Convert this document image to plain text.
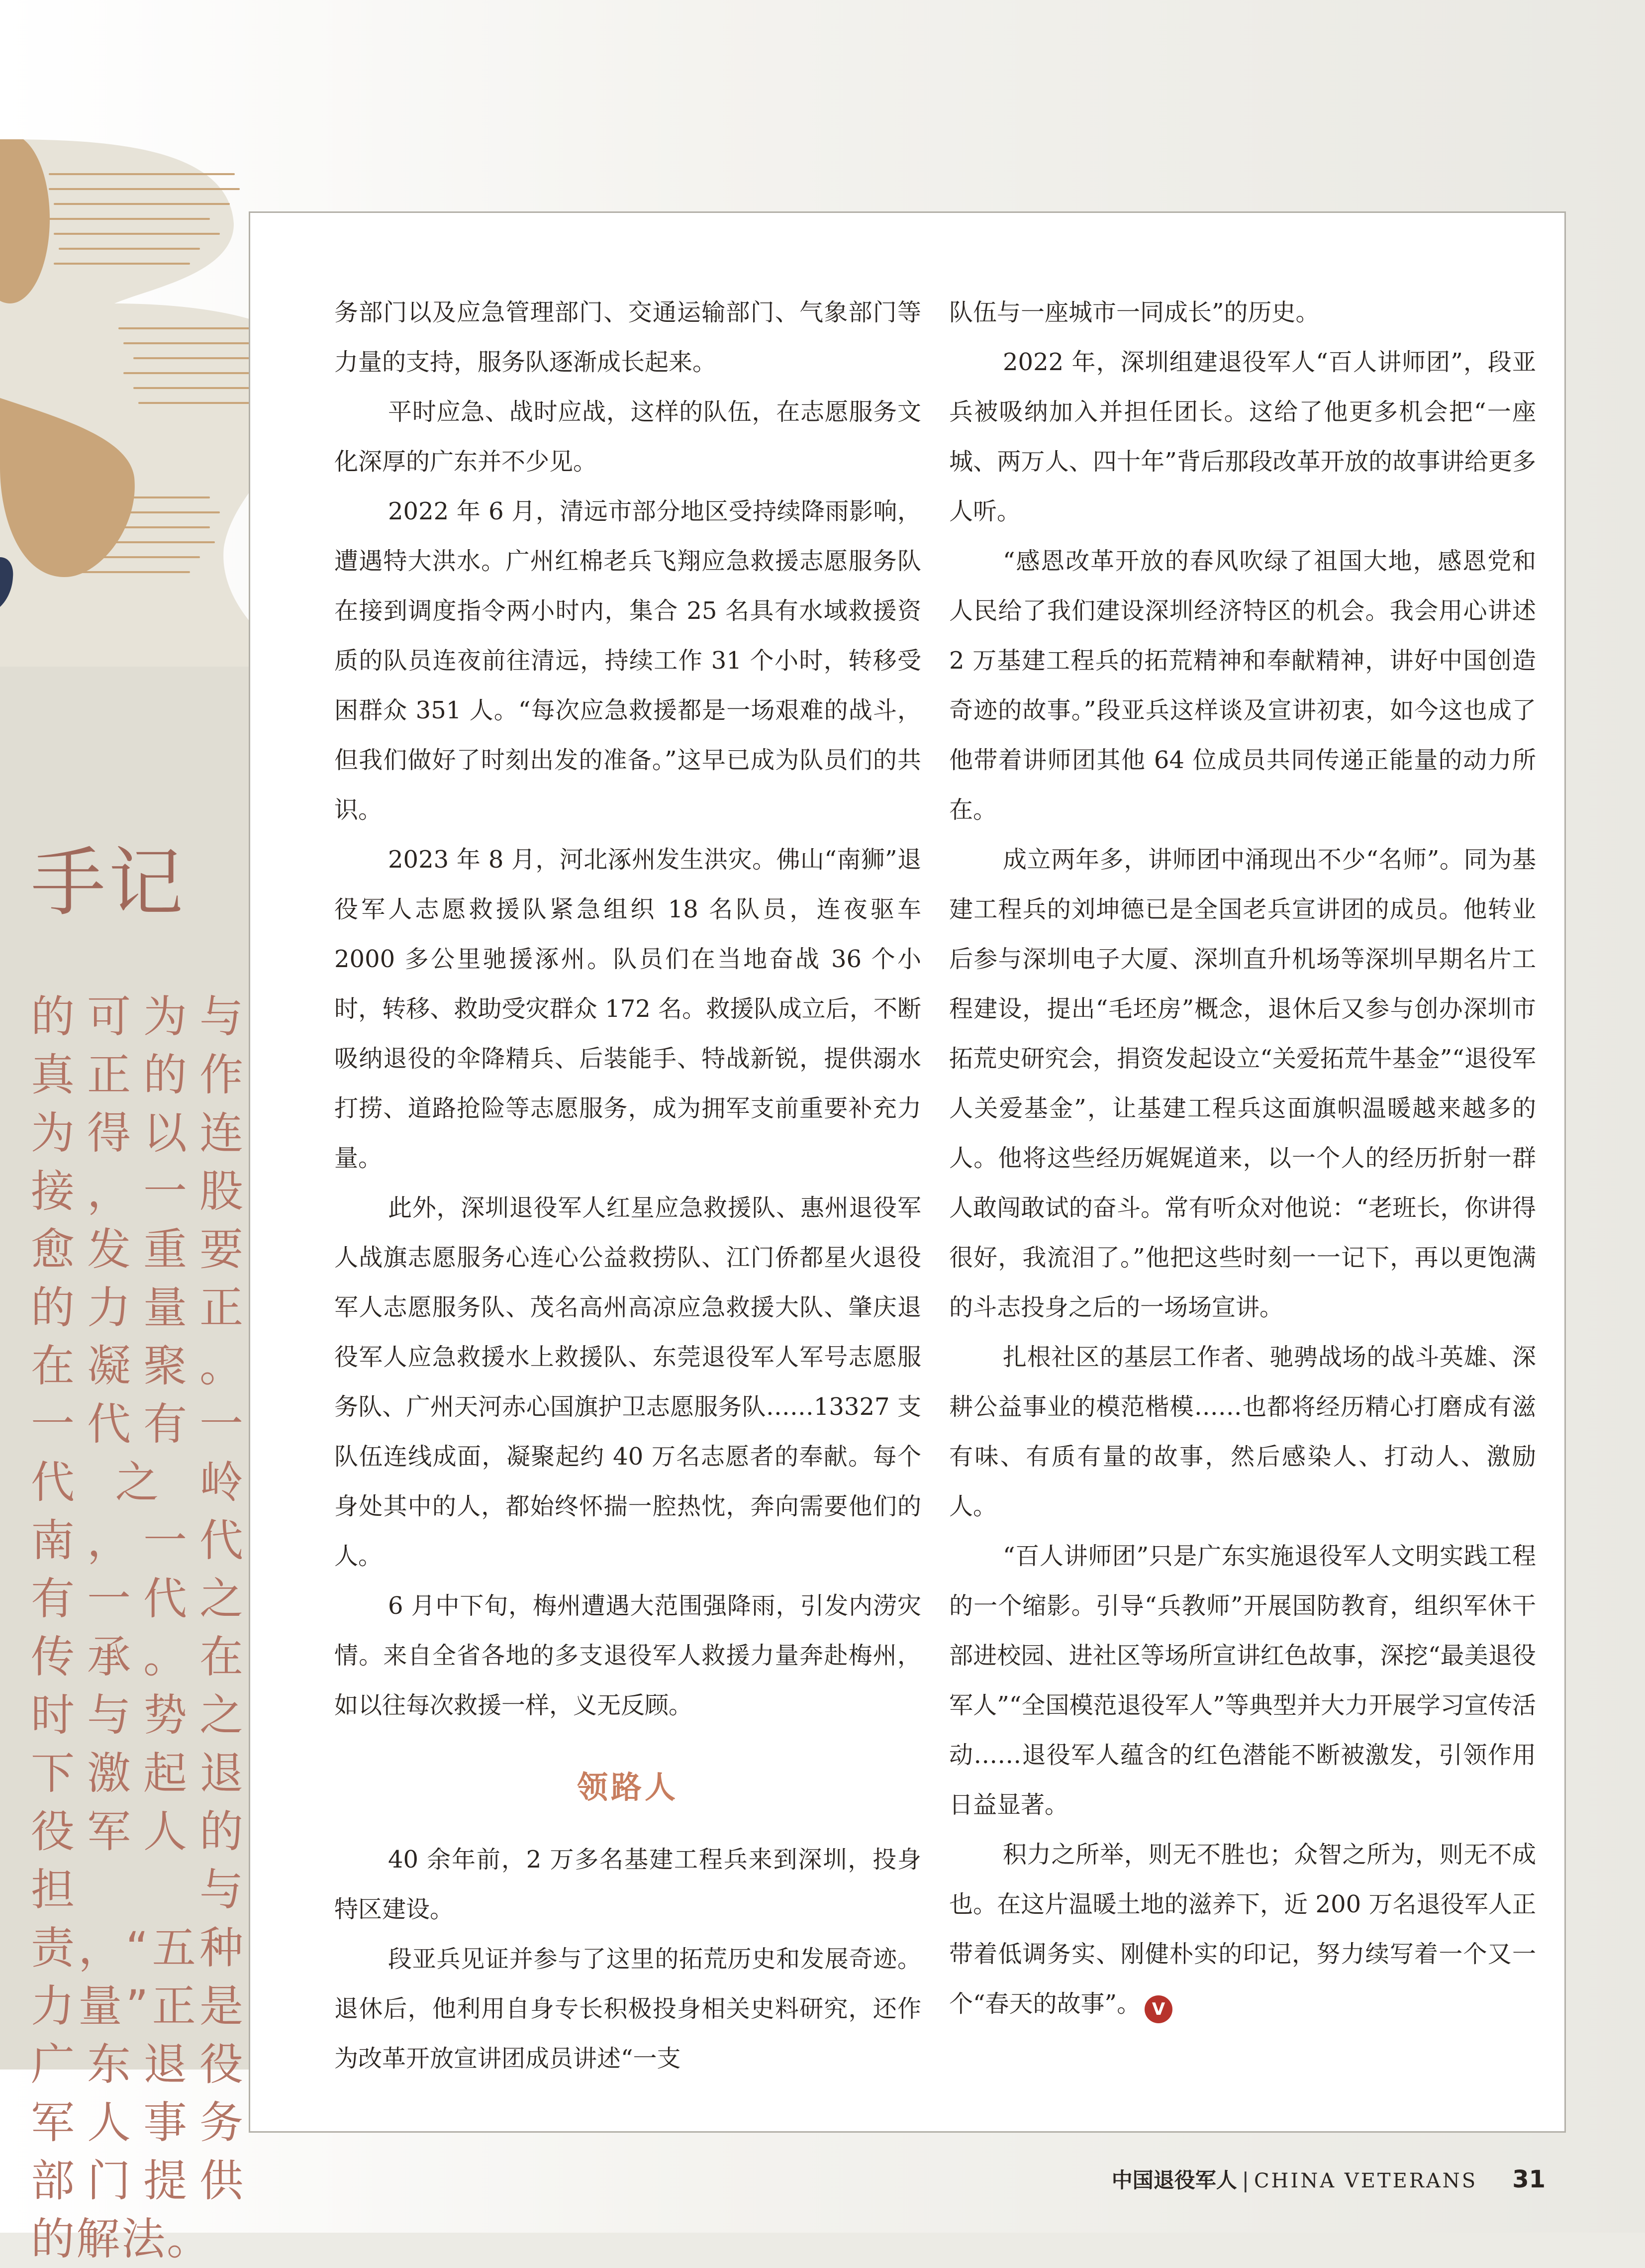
手记
的可为与真正的作为得以连接，一股愈发重要的力量正在凝聚。一代有一代之岭南，一代有一代之传承。在时与势之下激起退役军人的担与责，“五种力量”正是广东退役军人事务部门提供的解法。

务部门以及应急管理部门、交通运输部门、气象部门等力量的支持，服务队逐渐成长起来。

平时应急、战时应战，这样的队伍，在志愿服务文化深厚的广东并不少见。

2022 年 6 月，清远市部分地区受持续降雨影响，遭遇特大洪水。广州红棉老兵飞翔应急救援志愿服务队在接到调度指令两小时内，集合 25 名具有水域救援资质的队员连夜前往清远，持续工作 31 个小时，转移受困群众 351 人。“每次应急救援都是一场艰难的战斗，但我们做好了时刻出发的准备。”这早已成为队员们的共识。

2023 年 8 月，河北涿州发生洪灾。佛山“南狮”退役军人志愿救援队紧急组织 18 名队员，连夜驱车 2000 多公里驰援涿州。队员们在当地奋战 36 个小时，转移、救助受灾群众 172 名。救援队成立后，不断吸纳退役的伞降精兵、后装能手、特战新锐，提供溺水打捞、道路抢险等志愿服务，成为拥军支前重要补充力量。

此外，深圳退役军人红星应急救援队、惠州退役军人战旗志愿服务心连心公益救捞队、江门侨都星火退役军人志愿服务队、茂名高州高凉应急救援大队、肇庆退役军人应急救援水上救援队、东莞退役军人军号志愿服务队、广州天河赤心国旗护卫志愿服务队……13327 支队伍连线成面，凝聚起约 40 万名志愿者的奉献。每个身处其中的人，都始终怀揣一腔热忱，奔向需要他们的人。

6 月中下旬，梅州遭遇大范围强降雨，引发内涝灾情。来自全省各地的多支退役军人救援力量奔赴梅州，如以往每次救援一样，义无反顾。

领路人

40 余年前，2 万多名基建工程兵来到深圳，投身特区建设。

段亚兵见证并参与了这里的拓荒历史和发展奇迹。退休后，他利用自身专长积极投身相关史料研究，还作为改革开放宣讲团成员讲述“一支

队伍与一座城市一同成长”的历史。

2022 年，深圳组建退役军人“百人讲师团”，段亚兵被吸纳加入并担任团长。这给了他更多机会把“一座城、两万人、四十年”背后那段改革开放的故事讲给更多人听。

“感恩改革开放的春风吹绿了祖国大地，感恩党和人民给了我们建设深圳经济特区的机会。我会用心讲述 2 万基建工程兵的拓荒精神和奉献精神，讲好中国创造奇迹的故事。”段亚兵这样谈及宣讲初衷，如今这也成了他带着讲师团其他 64 位成员共同传递正能量的动力所在。

成立两年多，讲师团中涌现出不少“名师”。同为基建工程兵的刘坤德已是全国老兵宣讲团的成员。他转业后参与深圳电子大厦、深圳直升机场等深圳早期名片工程建设，提出“毛坯房”概念，退休后又参与创办深圳市拓荒史研究会，捐资发起设立“关爱拓荒牛基金”“退役军人关爱基金”，让基建工程兵这面旗帜温暖越来越多的人。他将这些经历娓娓道来，以一个人的经历折射一群人敢闯敢试的奋斗。常有听众对他说：“老班长，你讲得很好，我流泪了。”他把这些时刻一一记下，再以更饱满的斗志投身之后的一场场宣讲。

扎根社区的基层工作者、驰骋战场的战斗英雄、深耕公益事业的模范楷模……也都将经历精心打磨成有滋有味、有质有量的故事，然后感染人、打动人、激励人。

“百人讲师团”只是广东实施退役军人文明实践工程的一个缩影。引导“兵教师”开展国防教育，组织军休干部进校园、进社区等场所宣讲红色故事，深挖“最美退役军人”“全国模范退役军人”等典型并大力开展学习宣传活动……退役军人蕴含的红色潜能不断被激发，引领作用日益显著。

积力之所举，则无不胜也；众智之所为，则无不成也。在这片温暖土地的滋养下，近 200 万名退役军人正带着低调务实、刚健朴实的印记，努力续写着一个又一个“春天的故事”。 V

中国退役军人 | CHINA VETERANS 31
